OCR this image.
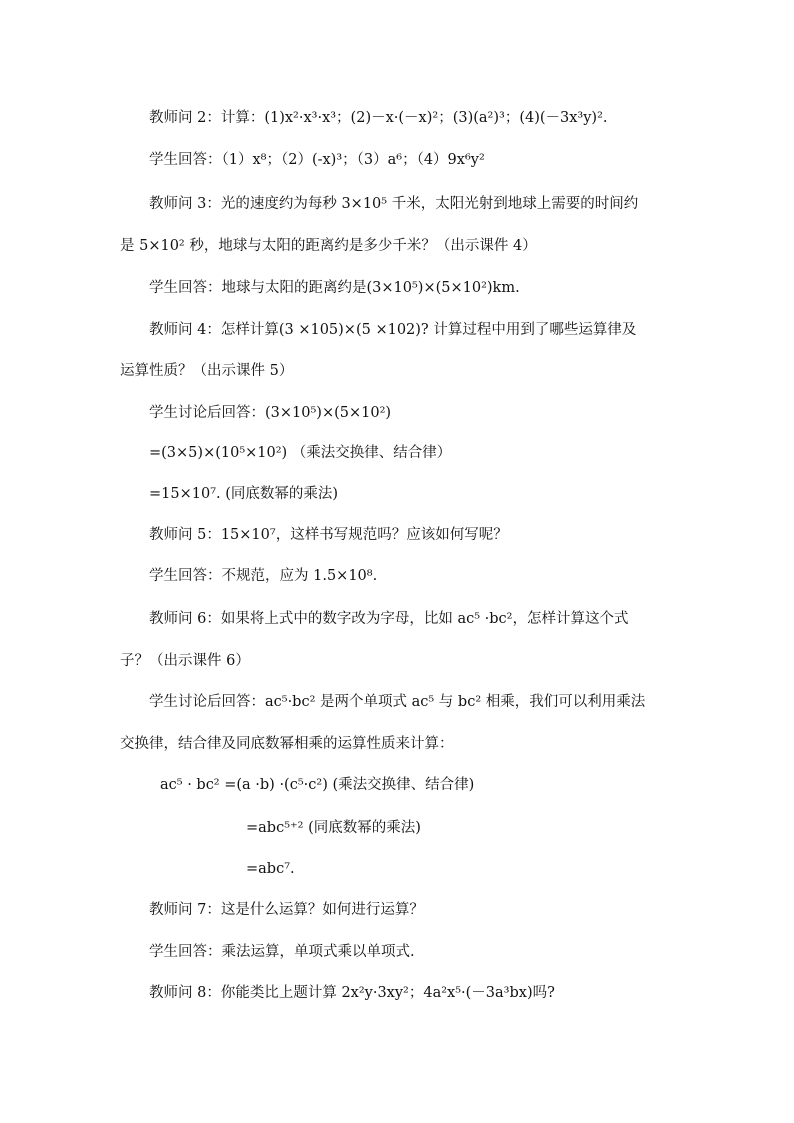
教师问 2：计算：(1)x²·x³·x³；(2)－x·(－x)²；(3)(a²)³；(4)(－3x³y)².
学生回答：（1）x⁸；（2）(-x)³；（3）a⁶；（4）9x⁶y²
教师问 3：光的速度约为每秒 3×10⁵ 千米，太阳光射到地球上需要的时间约
是 5×10² 秒，地球与太阳的距离约是多少千米？（出示课件 4）
学生回答：地球与太阳的距离约是(3×10⁵)×(5×10²)km.
教师问 4：怎样计算(3 ×105)×(5 ×102)? 计算过程中用到了哪些运算律及
运算性质？（出示课件 5）
学生讨论后回答：(3×10⁵)×(5×10²)
=(3×5)×(10⁵×10²) （乘法交换律、结合律）
=15×10⁷. (同底数幂的乘法)
教师问 5：15×10⁷，这样书写规范吗？应该如何写呢？
学生回答：不规范，应为 1.5×10⁸.
教师问 6：如果将上式中的数字改为字母，比如 ac⁵ ·bc²，怎样计算这个式
子？（出示课件 6）
学生讨论后回答：ac⁵·bc² 是两个单项式 ac⁵ 与 bc² 相乘，我们可以利用乘法
交换律，结合律及同底数幂相乘的运算性质来计算：
ac⁵ · bc² =(a ·b) ·(c⁵·c²) (乘法交换律、结合律)
=abc⁵⁺² (同底数幂的乘法)
=abc⁷.
教师问 7：这是什么运算？如何进行运算？
学生回答：乘法运算，单项式乘以单项式.
教师问 8：你能类比上题计算 2x²y·3xy²；4a²x⁵·(－3a³bx)吗?
